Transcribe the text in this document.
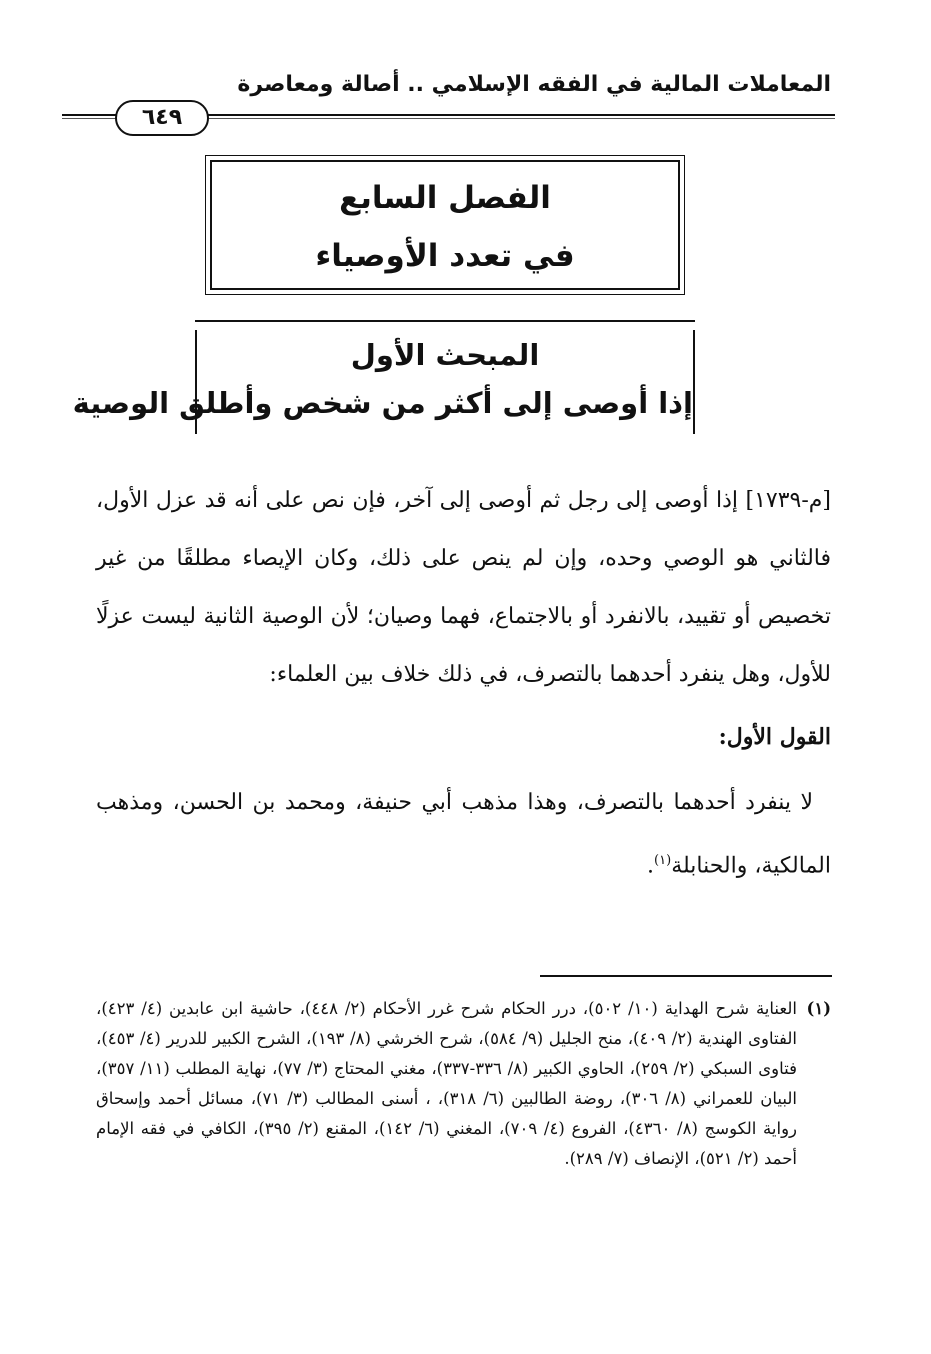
المعاملات المالية في الفقه الإسلامي .. أصالة ومعاصرة
٦٤٩
الفصل السابع
في تعدد الأوصياء
المبحث الأول
إذا أوصى إلى أكثر من شخص وأطلق الوصية

[م-١٧٣٩] إذا أوصى إلى رجل ثم أوصى إلى آخر، فإن نص على أنه قد عزل الأول، فالثاني هو الوصي وحده، وإن لم ينص على ذلك، وكان الإيصاء مطلقًا من غير تخصيص أو تقييد، بالانفرد أو بالاجتماع، فهما وصيان؛ لأن الوصية الثانية ليست عزلًا للأول، وهل ينفرد أحدهما بالتصرف، في ذلك خلاف بين العلماء:

القول الأول:

لا ينفرد أحدهما بالتصرف، وهذا مذهب أبي حنيفة، ومحمد بن الحسن، ومذهب المالكية، والحنابلة$^{(١)}$.

(١)
العناية شرح الهداية (١٠/ ٥٠٢)، درر الحكام شرح غرر الأحكام (٢/ ٤٤٨)، حاشية ابن عابدين (٤/ ٤٢٣)، الفتاوى الهندية (٢/ ٤٠٩)، منح الجليل (٩/ ٥٨٤)، شرح الخرشي (٨/ ١٩٣)، الشرح الكبير للدرير (٤/ ٤٥٣)، فتاوى السبكي (٢/ ٢٥٩)، الحاوي الكبير (٨/ ٣٣٦-٣٣٧)، مغني المحتاج (٣/ ٧٧)، نهاية المطلب (١١/ ٣٥٧)، البيان للعمراني (٨/ ٣٠٦)، روضة الطالبين (٦/ ٣١٨)، ، أسنى المطالب (٣/ ٧١)، مسائل أحمد وإسحاق رواية الكوسج (٨/ ٤٣٦٠)، الفروع (٤/ ٧٠٩)، المغني (٦/ ١٤٢)، المقنع (٢/ ٣٩٥)، الكافي في فقه الإمام أحمد (٢/ ٥٢١)، الإنصاف (٧/ ٢٨٩).
